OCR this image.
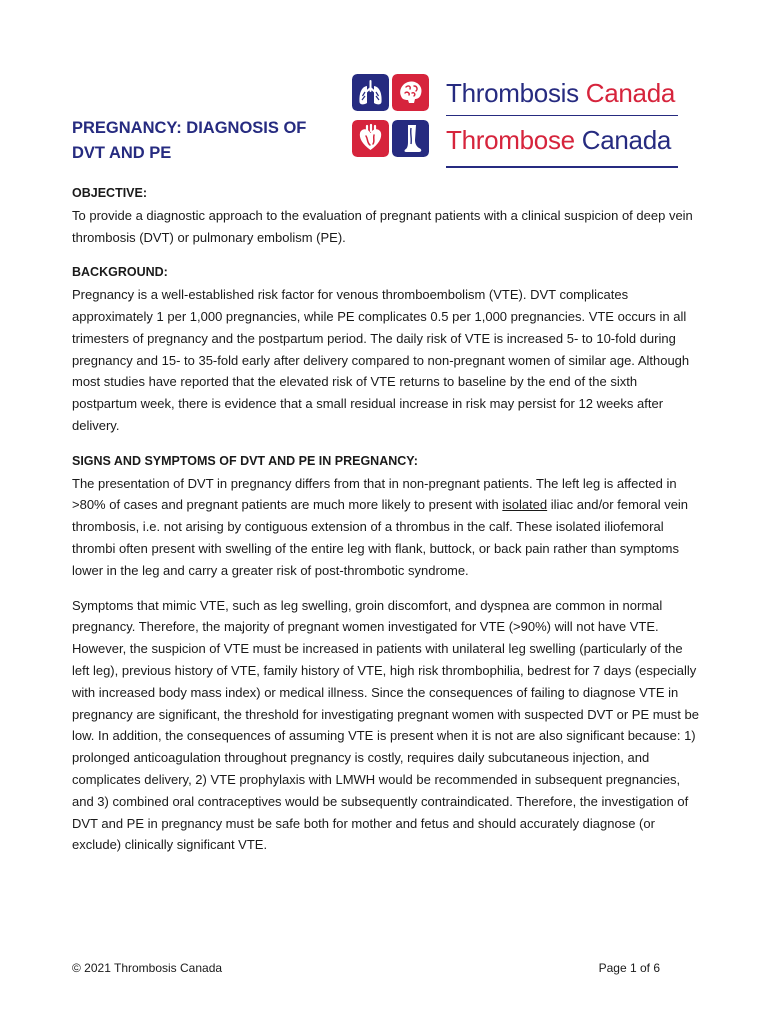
PREGNANCY: DIAGNOSIS OF
DVT AND PE
Thrombosis Canada
Thrombose Canada

OBJECTIVE:

To provide a diagnostic approach to the evaluation of pregnant patients with a clinical suspicion of deep vein thrombosis (DVT) or pulmonary embolism (PE).

BACKGROUND:

Pregnancy is a well-established risk factor for venous thromboembolism (VTE). DVT complicates approximately 1 per 1,000 pregnancies, while PE complicates 0.5 per 1,000 pregnancies. VTE occurs in all trimesters of pregnancy and the postpartum period. The daily risk of VTE is increased 5- to 10-fold during pregnancy and 15- to 35-fold early after delivery compared to non-pregnant women of similar age. Although most studies have reported that the elevated risk of VTE returns to baseline by the end of the sixth postpartum week, there is evidence that a small residual increase in risk may persist for 12 weeks after delivery.

SIGNS AND SYMPTOMS OF DVT AND PE IN PREGNANCY:

The presentation of DVT in pregnancy differs from that in non-pregnant patients. The left leg is affected in >80% of cases and pregnant patients are much more likely to present with isolated iliac and/or femoral vein thrombosis, i.e. not arising by contiguous extension of a thrombus in the calf. These isolated iliofemoral thrombi often present with swelling of the entire leg with flank, buttock, or back pain rather than symptoms lower in the leg and carry a greater risk of post-thrombotic syndrome.

Symptoms that mimic VTE, such as leg swelling, groin discomfort, and dyspnea are common in normal pregnancy. Therefore, the majority of pregnant women investigated for VTE (>90%) will not have VTE. However, the suspicion of VTE must be increased in patients with unilateral leg swelling (particularly of the left leg), previous history of VTE, family history of VTE, high risk thrombophilia, bedrest for 7 days (especially with increased body mass index) or medical illness. Since the consequences of failing to diagnose VTE in pregnancy are significant, the threshold for investigating pregnant women with suspected DVT or PE must be low. In addition, the consequences of assuming VTE is present when it is not are also significant because: 1) prolonged anticoagulation throughout pregnancy is costly, requires daily subcutaneous injection, and complicates delivery, 2) VTE prophylaxis with LMWH would be recommended in subsequent pregnancies, and 3) combined oral contraceptives would be subsequently contraindicated. Therefore, the investigation of DVT and PE in pregnancy must be safe both for mother and fetus and should accurately diagnose (or exclude) clinically significant VTE.

© 2021 Thrombosis Canada	Page 1 of 6
